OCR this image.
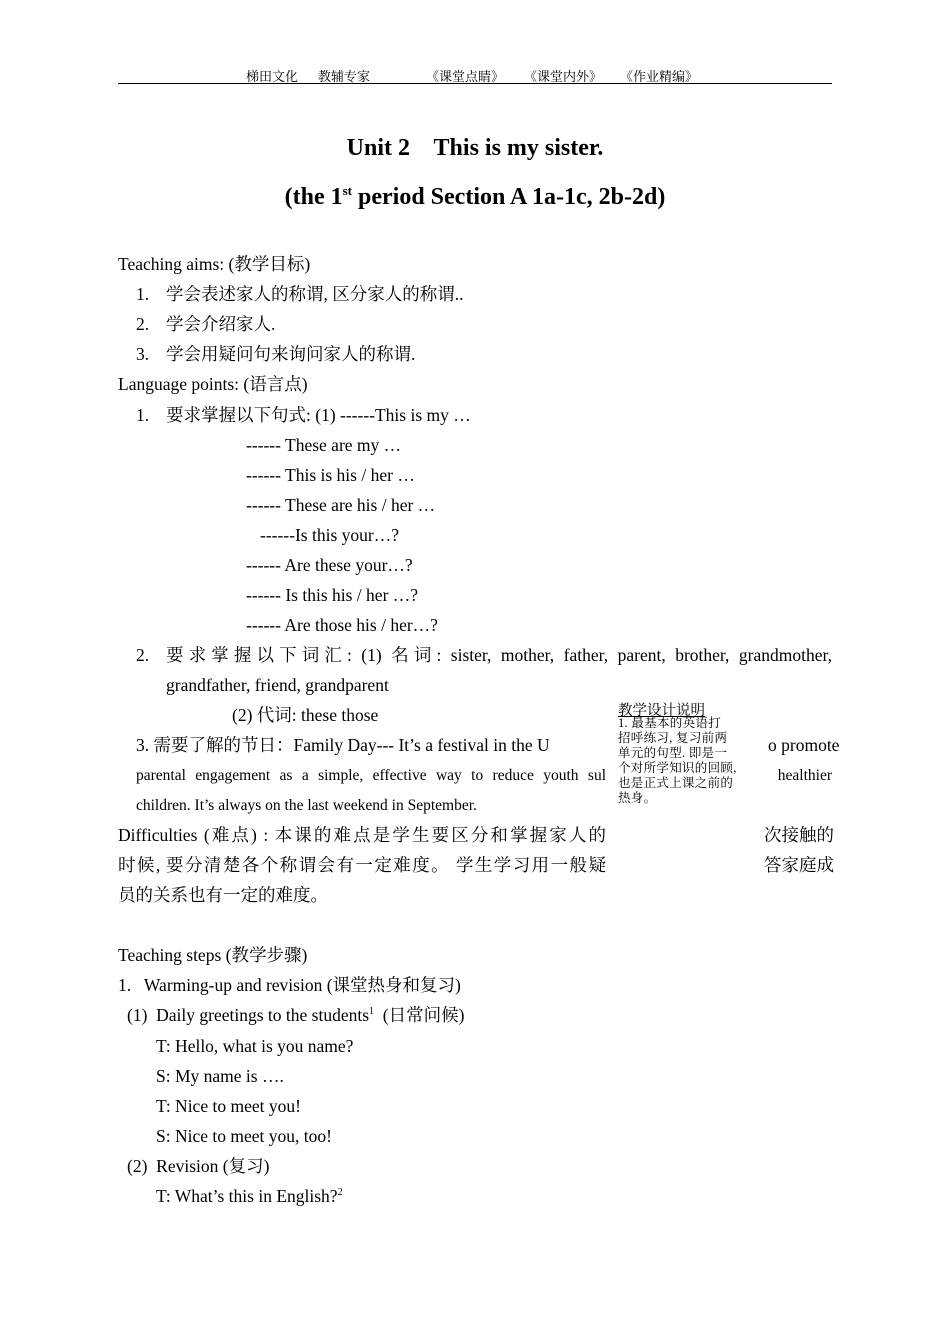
梯田文化 教辅专家	《课堂点睛》 《课堂内外》 《作业精编》
Unit 2    This is my sister.
(the 1st period Section A 1a-1c, 2b-2d)
Teaching aims: (教学目标)
1. 学会表述家人的称谓, 区分家人的称谓..
2. 学会介绍家人.
3. 学会用疑问句来询问家人的称谓.
Language points: (语言点)
1. 要求掌握以下句式: (1) ------This is my …
------ These are my …
------ This is his / her …
------ These are his / her …
------Is this your…?
------ Are these your…?
------ Is this his / her …?
------ Are those his / her…?
2. 要求掌握以下词汇: (1) 名词: sister, mother, father, parent, brother, grandmother,
grandfather, friend, grandparent
(2) 代词: these those
3. 需要了解的节日：Family Day--- It’s a festival in the U	o promote
parental engagement as a simple, effective way to reduce youth sul	healthier
children. It’s always on the last weekend in September.
Difficulties (难点) : 本课的难点是学生要区分和掌握家人的	次接触的
时候, 要分清楚各个称谓会有一定难度。 学生学习用一般疑	答家庭成
员的关系也有一定的难度。
教学设计说明
1. 最基本的英语打
招呼练习, 复习前两
单元的句型. 即是一
个对所学知识的回顾,
也是正式上课之前的
热身。
Teaching steps (教学步骤)
1.   Warming-up and revision (课堂热身和复习)
(1)  Daily greetings to the students$^1$  (日常问候)
T: Hello, what is you name?
S: My name is ….
T: Nice to meet you!
S: Nice to meet you, too!
(2)  Revision (复习)
T: What’s this in English?$^2$
